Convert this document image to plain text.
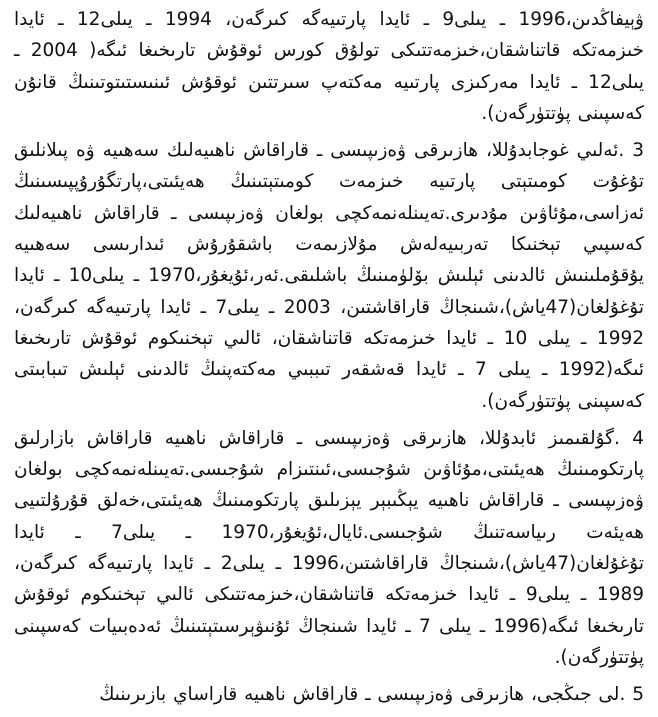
ۋېيفاڭدىن،1996 ـ يىلى9 ـ ئايدا پارتىيەگە كىرگەن، 1994 ـ يىلى12 ـ ئايدا خىزمەتكە قاتناشقان،خىزمەتتىكى تولۇق كورس ئوقۇش تارىخىغا ئىگە( 2004 ـ يىلى12 ـ ئايدا مەركىزى پارتىيە مەكتەپ سىرتتىن ئوقۇش ئىنىستىتوتىنىڭ قانۇن كەسپىنى پۈتتۈرگەن).

3 .ئەلىي غوجابدۇللا، ھازىرقى ۋەزىپىسى ـ قاراقاش ناھىيەلىك سەھىيە ۋە پىلانلىق تۇغۇت كومىتېتى پارتىيە خىزمەت كومىتېتىنىڭ ھەيئىتى،پارتگۇرۇپپىسىنىڭ ئەزاسى،مۇئاۋىن مۇدىرى.تەيىنلەنمەكچى بولغان ۋەزىپىسى ـ قاراقاش ناھىيەلىك كەسپىي تېخنىكا تەربىيەلەش مۇلازىمەت باشقۇرۇش ئىدارىسى سەھىيە يۇقۇملىنىش ئالدىنى ئېلىش بۆلۈمىنىڭ باشلىقى.ئەر،ئۇيغۇر،1970 ـ يىلى10 ـ ئايدا تۇغۇلغان(47ياش)،شىنجاڭ قاراقاشتىن، 2003 ـ يىلى7 ـ ئايدا پارتىيەگە كىرگەن، 1992 ـ يىلى 10 ـ ئايدا خىزمەتكە قاتناشقان، ئالىي تېخنىكوم ئوقۇش تارىخىغا ئىگە(1992 ـ يىلى 7 ـ ئايدا قەشقەر تىببىي مەكتەپنىڭ ئالدىنى ئېلىش تىبابىتى كەسپىنى پۈتتۈرگەن).

4 .گۇلقىمىز ئابدۇللا، ھازىرقى ۋەزىپىسى ـ قاراقاش ناھىيە قاراقاش بازارلىق پارتكومىنىڭ ھەيئىتى،مۇئاۋىن شۇجىسى،ئىنتىزام شۇجىسى.تەيىنلەنمەكچى بولغان ۋەزىپىسى ـ قاراقاش ناھىيە يېڭىبېر يېزىلىق پارتكومىنىڭ ھەيئىتى،خەلق قۇرۇلتىيى ھەيئەت رىياسەتنىڭ شۇجىسى.ئايال،ئۇيغۇر،1970 ـ يىلى7 ـ ئايدا تۇغۇلغان(47ياش)،شىنجاڭ قاراقاشتىن،1996 ـ يىلى2 ـ ئايدا پارتىيەگە كىرگەن، 1989 ـ يىلى9 ـ ئايدا خىزمەتكە قاتناشقان،خىزمەتتىكى ئالىي تېخنىكوم ئوقۇش تارىخىغا ئىگە(1996 ـ يىلى 7 ـ ئايدا شىنجاڭ ئۇنىۋېرسىتېتىنىڭ ئەدەبىيات كەسپىنى پۈتتۈرگەن).

5 .لى جىڭجى، ھازىرقى ۋەزىپىسى ـ قاراقاش ناھىيە قاراساي بازىرىنىڭ
